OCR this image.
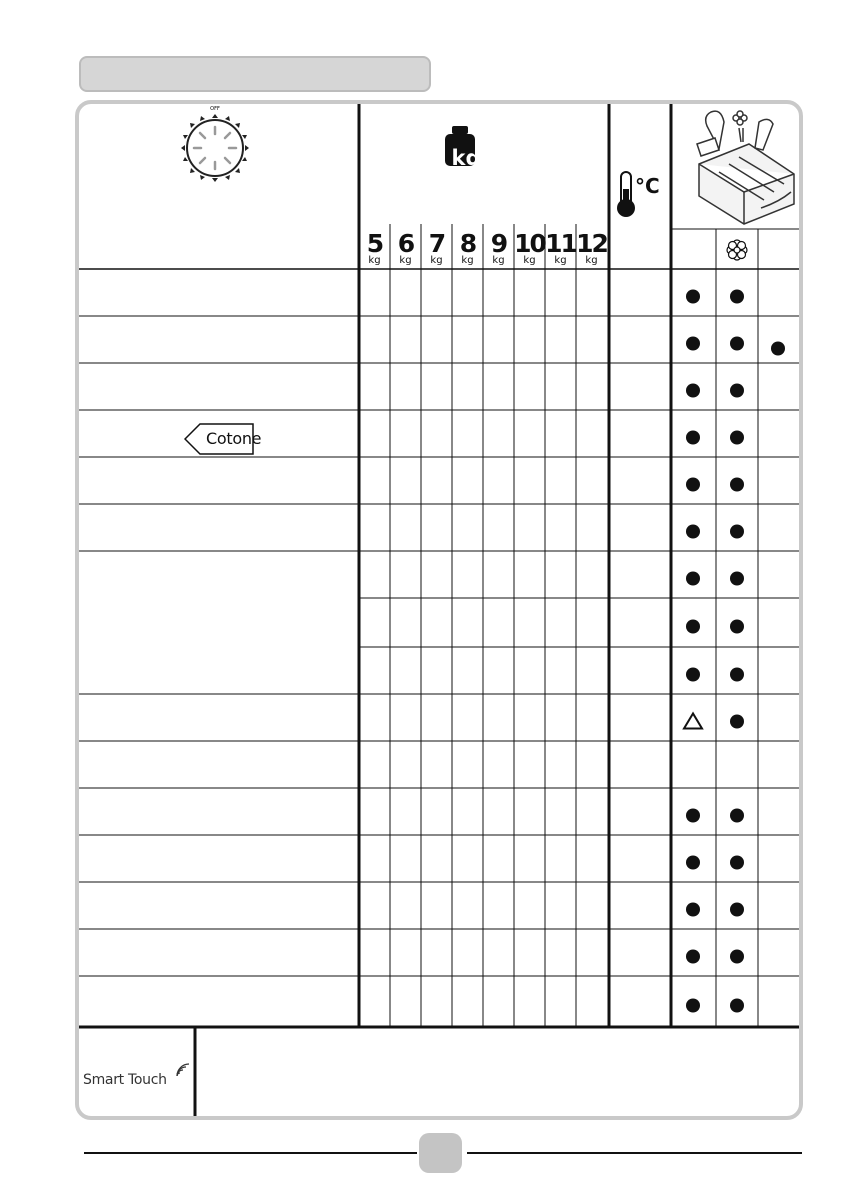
OFF
Cotone
kg
5
kg
6
kg
7
kg
8
kg
9
kg
10
kg
11
kg
12
kg
°C
Smart Touch
